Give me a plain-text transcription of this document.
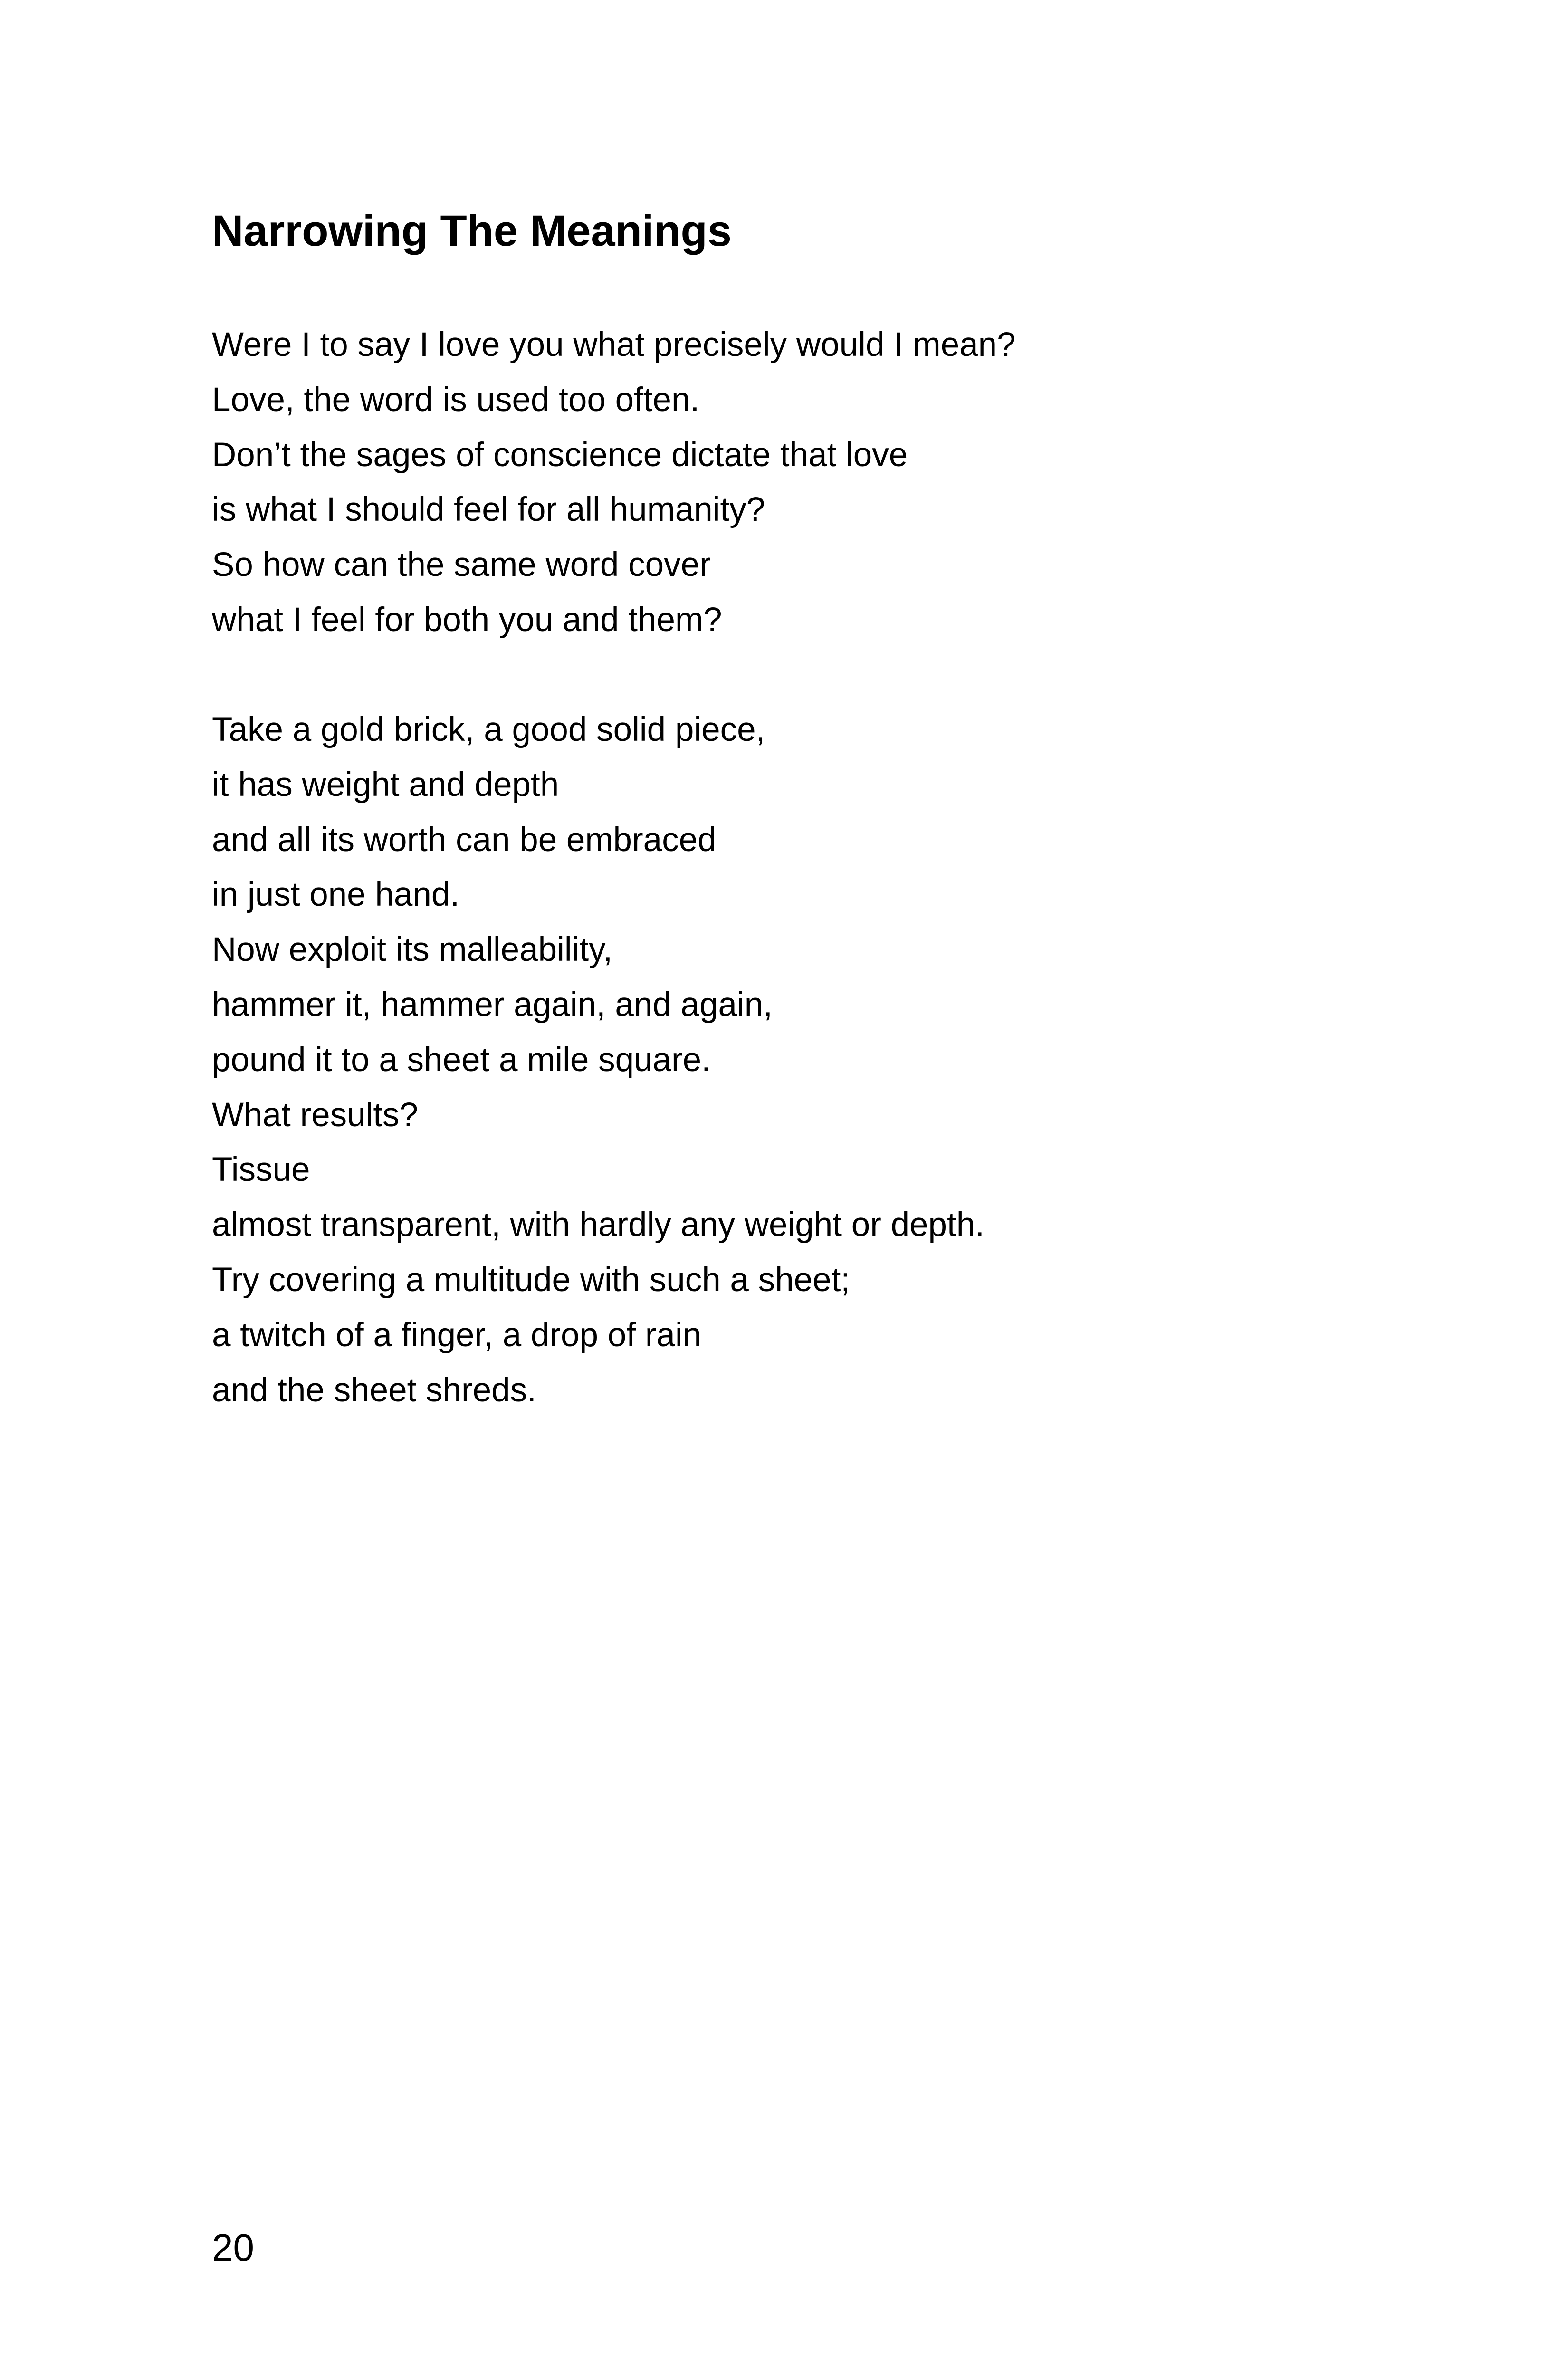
Narrowing The Meanings
Were I to say I love you what precisely would I mean?
Love, the word is used too often.
Don’t the sages of conscience dictate that love
is what I should feel for all humanity?
So how can the same word cover
what I feel for both you and them?
Take a gold brick, a good solid piece,
it has weight and depth
and all its worth can be embraced
in just one hand.
Now exploit its malleability,
hammer it, hammer again, and again,
pound it to a sheet a mile square.
What results?
Tissue
almost transparent, with hardly any weight or depth.
Try covering a multitude with such a sheet;
a twitch of a finger, a drop of rain
and the sheet shreds.
20
